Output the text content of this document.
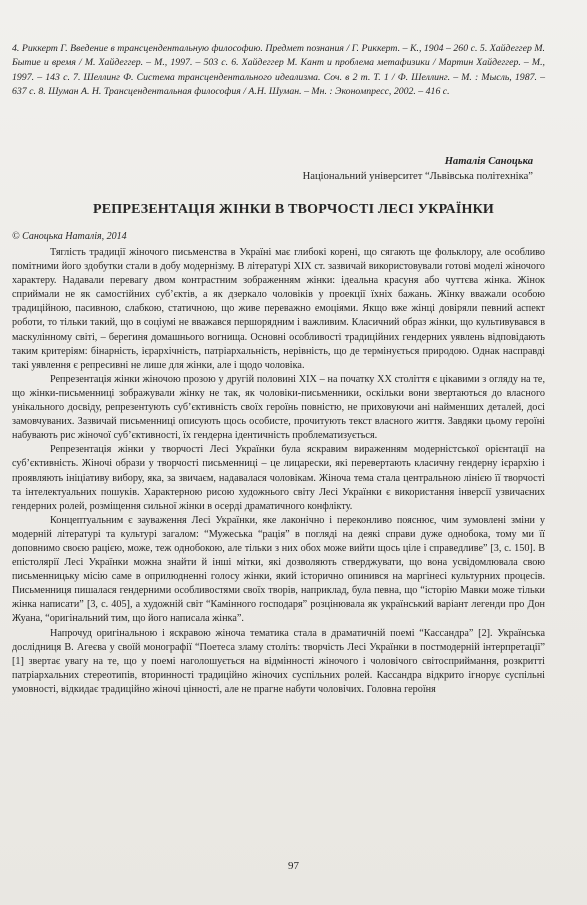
4. Риккерт Г. Введение в трансцендентальную философию. Предмет познания / Г. Риккерт. – К., 1904 – 260 с. 5. Хайдеггер М. Бытие и время / М. Хайдеггер. – М., 1997. – 503 с. 6. Хайдеггер М. Кант и проблема метафизики / Мартин Хайдеггер. – М., 1997. – 143 с. 7. Шеллинг Ф. Система трансцендентального идеализма. Соч. в 2 т. Т. 1 / Ф. Шеллинг. – М. : Мысль, 1987. – 637 с. 8. Шуман А. Н. Трансцендентальная философия / А.Н. Шуман. – Мн. : Экономпресс, 2002. – 416 с.

Наталія Саноцька
Національний університет “Львівська політехніка”
РЕПРЕЗЕНТАЦІЯ ЖІНКИ В ТВОРЧОСТІ ЛЕСІ УКРАЇНКИ

© Саноцька Наталія, 2014

Тяглість традиції жіночого письменства в Україні має глибокі корені, що сягають ще фольклору, але особливо помітними його здобутки стали в добу модернізму. В літературі XIX ст. зазвичай використовували готові моделі жіночого характеру. Надавали перевагу двом контрастним зображенням жінки: ідеальна красуня або чуттєва жінка. Жінок сприймали не як самостійних суб’єктів, а як дзеркало чоловіків у проекції їхніх бажань. Жінку вважали особою традиційною, пасивною, слабкою, статичною, що живе переважно емоціями. Якщо вже жінці довіряли певний аспект роботи, то тільки такий, що в соціумі не вважався першорядним і важливим. Класичний образ жінки, що культивувався в маскулінному світі, – берегиня домашнього вогнища. Основні особливості традиційних гендерних уявлень відповідають таким критеріям: бінарність, ієрархічність, патріархальність, нерівність, що де термінується природою. Однак насправді такі уявлення є репресивні не лише для жінки, але і щодо чоловіка.

Репрезентація жінки жіночою прозою у другій половині XIX – на початку XX століття є цікавими з огляду на те, що жінки-письменниці зображували жінку не так, як чоловіки-письменники, оскільки вони звертаються до власного унікального досвіду, репрезентують суб’єктивність своїх героїнь повністю, не приховуючи ані найменших деталей, досі замовчуваних. Зазвичай письменниці описують щось особисте, прочитують текст власного життя. Завдяки цьому героїні набувають рис жіночої суб’єктивності, їх гендерна ідентичність проблематизується.

Репрезентація жінки у творчості Лесі Українки була яскравим вираженням модерністської орієнтації на суб’єктивність. Жіночі образи у творчості письменниці – це лицарески, які перевертають класичну гендерну ієрархію і проявляють ініціативу вибору, яка, за звичаєм, надавалася чоловікам. Жіноча тема стала центральною лінією її творчості та інтелектуальних пошуків. Характерною рисою художнього світу Лесі Українки є використання інверсії узвичаєних гендерних ролей, розміщення сильної жінки в осерді драматичного конфлікту.

Концептуальним є зауваження Лесі Українки, яке лаконічно і переконливо пояснює, чим зумовлені зміни у модерній літературі та культурі загалом: “Мужеська “рація” в погляді на деякі справи дуже однобока, тому ми її доповнимо своєю рацією, може, теж однобокою, але тільки з них обох може вийти щось ціле і справедливе” [3, с. 150]. В епістолярії Лесі Українки можна знайти й інші мітки, які дозволяють стверджувати, що вона усвідомлювала свою письменницьку місію саме в оприлюдненні голосу жінки, який історично опинився на маргінесі культурних процесів. Письменниця пишалася гендерними особливостями своїх творів, наприклад, була певна, що “історію Мавки може тільки жінка написати” [3, с. 405], а художній світ “Камінного господаря” розцінювала як український варіант легенди про Дон Жуана, “оригінальний тим, що його написала жінка”.

Напрочуд оригінальною і яскравою жіноча тематика стала в драматичній поемі “Кассандра” [2]. Українська дослідниця В. Агеєва у своїй монографії “Поетеса зламу століть: творчість Лесі Українки в постмодерній інтерпретації” [1] звертає увагу на те, що у поемі наголошується на відмінності жіночого і чоловічого світосприймання, розкритті патріархальних стереотипів, вторинності традиційно жіночих суспільних ролей. Кассандра відкрито ігнорує суспільні умовності, відкидає традиційно жіночі цінності, але не прагне набути чоловічих. Головна героїня

97
